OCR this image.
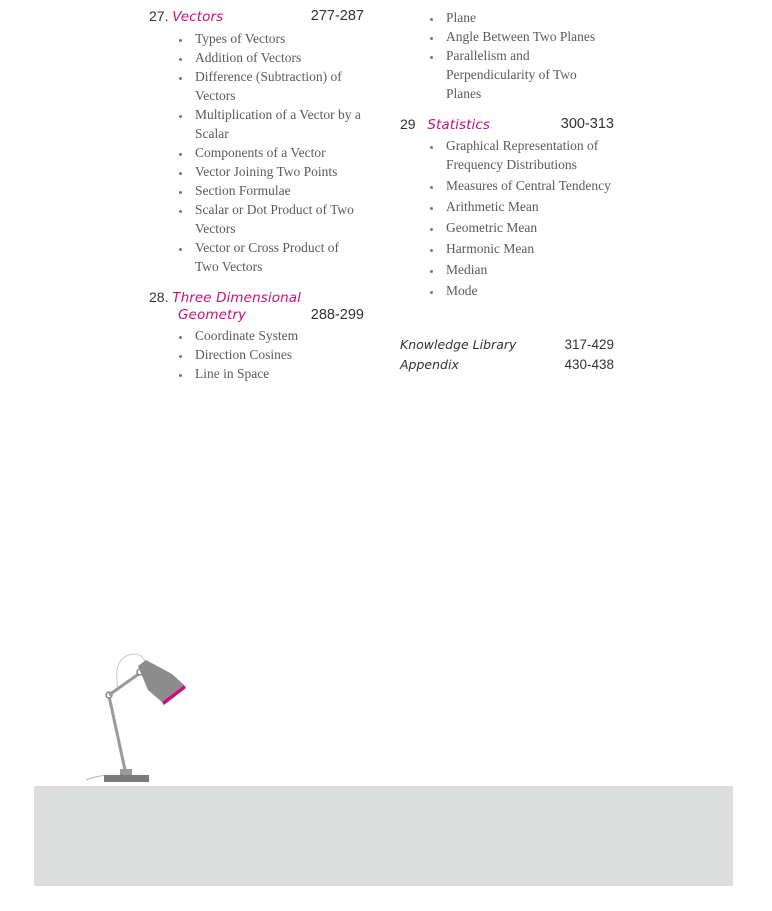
27. Vectors	277-287
Types of Vectors
Addition of Vectors
Difference (Subtraction) of Vectors
Multiplication of a Vector by a Scalar
Components of a Vector
Vector Joining Two Points
Section Formulae
Scalar or Dot Product of Two Vectors
Vector or Cross Product of Two Vectors
28. Three Dimensional
Geometry	288-299
Coordinate System
Direction Cosines
Line in Space
Plane
Angle Between Two Planes
Parallelism and Perpendicularity of Two Planes
29 Statistics	300-313
Graphical Representation of Frequency Distributions
Measures of Central Tendency
Arithmetic Mean
Geometric Mean
Harmonic Mean
Median
Mode
Knowledge Library	317-429
Appendix	430-438
